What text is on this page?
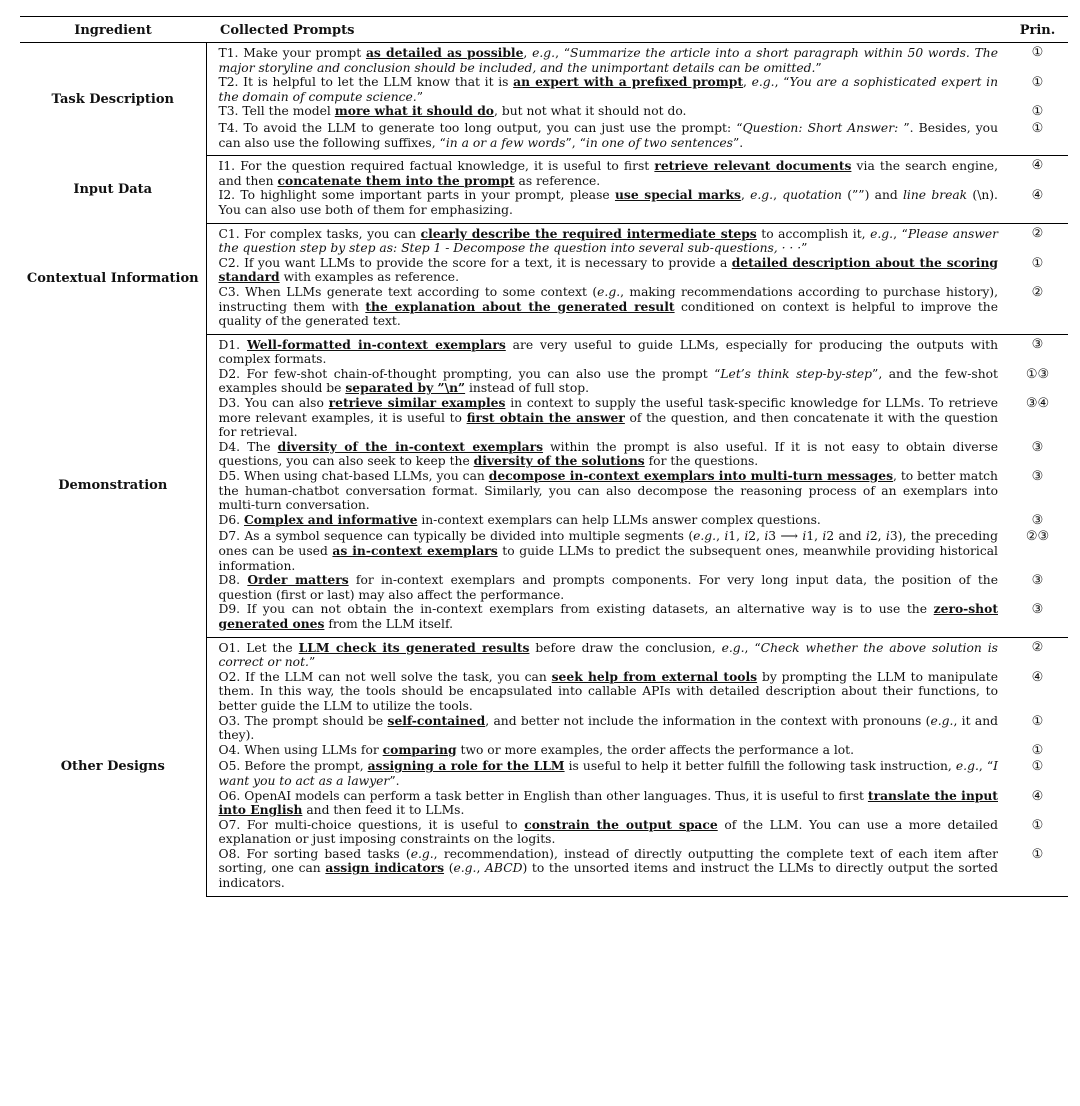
Ingredient	Collected Prompts	Prin.
Task Description	T1. Make your prompt as detailed as possible, e.g., “Summarize the article into a short paragraph within 50 words. The major storyline and conclusion should be included, and the unimportant details can be omitted.”	①
	T2. It is helpful to let the LLM know that it is an expert with a prefixed prompt, e.g., “You are a sophisticated expert in the domain of compute science.”	①
	T3. Tell the model more what it should do, but not what it should not do.	①
	T4. To avoid the LLM to generate too long output, you can just use the prompt: “Question: Short Answer: ”. Besides, you can also use the following suffixes, “in a or a few words”, “in one of two sentences”.	①
Input Data	I1. For the question required factual knowledge, it is useful to first retrieve relevant documents via the search engine, and then concatenate them into the prompt as reference.	④
	I2. To highlight some important parts in your prompt, please use special marks, e.g., quotation (””) and line break (\n). You can also use both of them for emphasizing.	④
Contextual Information	C1. For complex tasks, you can clearly describe the required intermediate steps to accomplish it, e.g., “Please answer the question step by step as: Step 1 - Decompose the question into several sub-questions, · · ·”	②
	C2. If you want LLMs to provide the score for a text, it is necessary to provide a detailed description about the scoring standard with examples as reference.	①
	C3. When LLMs generate text according to some context (e.g., making recommendations according to purchase history), instructing them with the explanation about the generated result conditioned on context is helpful to improve the quality of the generated text.	②
Demonstration	D1. Well-formatted in-context exemplars are very useful to guide LLMs, especially for producing the outputs with complex formats.	③
	D2. For few-shot chain-of-thought prompting, you can also use the prompt “Let’s think step-by-step”, and the few-shot examples should be separated by ”\n” instead of full stop.	①③
	D3. You can also retrieve similar examples in context to supply the useful task-specific knowledge for LLMs. To retrieve more relevant examples, it is useful to first obtain the answer of the question, and then concatenate it with the question for retrieval.	③④
	D4. The diversity of the in-context exemplars within the prompt is also useful. If it is not easy to obtain diverse questions, you can also seek to keep the diversity of the solutions for the questions.	③
	D5. When using chat-based LLMs, you can decompose in-context exemplars into multi-turn messages, to better match the human-chatbot conversation format. Similarly, you can also decompose the reasoning process of an exemplars into multi-turn conversation.	③
	D6. Complex and informative in-context exemplars can help LLMs answer complex questions.	③
	D7. As a symbol sequence can typically be divided into multiple segments (e.g., i1, i2, i3 ⟶ i1, i2 and i2, i3), the preceding ones can be used as in-context exemplars to guide LLMs to predict the subsequent ones, meanwhile providing historical information.	②③
	D8. Order matters for in-context exemplars and prompts components. For very long input data, the position of the question (first or last) may also affect the performance.	③
	D9. If you can not obtain the in-context exemplars from existing datasets, an alternative way is to use the zero-shot generated ones from the LLM itself.	③
Other Designs	O1. Let the LLM check its generated results before draw the conclusion, e.g., “Check whether the above solution is correct or not.”	②
	O2. If the LLM can not well solve the task, you can seek help from external tools by prompting the LLM to manipulate them. In this way, the tools should be encapsulated into callable APIs with detailed description about their functions, to better guide the LLM to utilize the tools.	④
	O3. The prompt should be self-contained, and better not include the information in the context with pronouns (e.g., it and they).	①
	O4. When using LLMs for comparing two or more examples, the order affects the performance a lot.	①
	O5. Before the prompt, assigning a role for the LLM is useful to help it better fulfill the following task instruction, e.g., “I want you to act as a lawyer”.	①
	O6. OpenAI models can perform a task better in English than other languages. Thus, it is useful to first translate the input into English and then feed it to LLMs.	④
	O7. For multi-choice questions, it is useful to constrain the output space of the LLM. You can use a more detailed explanation or just imposing constraints on the logits.	①
	O8. For sorting based tasks (e.g., recommendation), instead of directly outputting the complete text of each item after sorting, one can assign indicators (e.g., ABCD) to the unsorted items and instruct the LLMs to directly output the sorted indicators.	①
